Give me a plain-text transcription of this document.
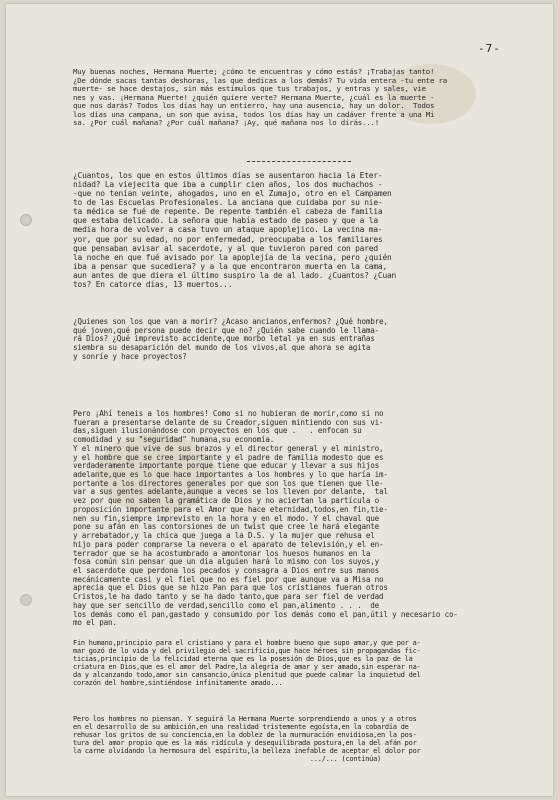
-7-

Muy buenas noches, Hermana Muerte; ¿cómo te encuentras y cómo estás? ¡Trabajas tanto!
¿De dónde sacas tantas deshoras, las que dedicas a los demás? Tu vida entera -tu ente ra
muerte- se hace destajos, sin más estímulos que tus trabajos, y entras y sales, vie
nes y vas. ¡Hermana Muerte! ¿quién quiere verte? Hermana Muerte, ¿cuál es la muerte -
que nos darás? Todos los días hay un entierro, hay una ausencia, hay un dolor.  Todos
los días una campana, un son que avisa, todos los días hay un cadáver frente a una Mi
sa. ¿Por cuál mañana? ¿Por cuál mañana? ¡Ay, qué mañana nos lo dirás...!

¿Cuantos, los que en estos últimos días se ausentaron hacia la Eter-
nidad? La viejecita que iba a cumplir cien años, los dos muchachos -
-que no tenían veinte, ahogados, uno en el Zumajo, otro en el Campamen
to de las Escuelas Profesionales. La anciana que cuidaba por su nie-
ta médica se fué de repente. De repente también el cabeza de familia
que estaba delicado. La señora que había estado de paseo y que a la
media hora de volver a casa tuvo un ataque apoplejico. La vecina ma-
yor, que por su edad, no por enfermedad, preocupaba a los familiares
que pensaban avisar al sacerdote, y al que tuvieron pared con pared
la noche en que fué avisado por la apoplejía de la vecina, pero ¿quién
iba a pensar que sucediera? y a la que encontraron muerta en la cama,
aun antes de que diera el último suspiro la de al lado. ¿Cuantos? ¿Cuan
tos? En catorce días, 13 muertos...

¿Quienes son los que van a morir? ¿Acaso ancianos,enfermos? ¿Qué hombre,
qué joven,qué persona puede decir que no? ¿Quién sabe cuando le llama-
rá Dios? ¿Qué imprevisto accidente,que morbo letal ya en sus entrañas
siembra su desaparición del mundo de los vivos,al que ahora se agita
y sonríe y hace proyectos?

Pero ¡Ahí teneis a los hombres! Como si no hubieran de morir,como si no
fueran a presentarse delante de su Creador,siguen mintiendo con sus vi-
das,siguen ilusionándose con proyectos en los que .   . enfocan su
comodidad y su "seguridad" humana,su economía.
Y el minero que vive de sus brazos y el director general y el ministro,
y el hombre que se cree importante y el padre de familia modesto que es
verdaderamente importante porque tiene que educar y llevar a sus hijos
adelante,que es lo que hace importantes a los hombres y lo que haría im-
portante a los directores generales por que son los que tienen que lle-
var a sus gentes adelante,aunque a veces se los lleven por delante,  tal
vez por que no saben la gramática de Dios y no aciertan la partícula o
proposición importante para el Amor que hace eternidad,todos,en fin,tie-
nen su fin,siempre imprevisto en la hora y en el modo. Y el chaval que
pone su afán en las contorsiones de un twist que cree le hará elegante
y arrebatador,y la chica que juega a la D.S. y la mujer que rehusa el
hijo para poder comprarse la nevera o el aparato de televisión,y el en-
terrador que se ha acostumbrado a amontonar los huesos humanos en la
fosa común sin pensar que un día alguien hará lo mismo con los suyos,y
el sacerdote que perdona los pecados y consagra a Dios entre sus manos
mecánicamente casi y el fiel que no es fiel por que aunque va a Misa no
aprecia que el Dios que se hizo Pan para que los cristianos fueran otros
Cristos,le ha dado tanto y se ha dado tanto,que para ser fiel de verdad
hay que ser sencillo de verdad,sencillo como el pan,alimento . . .  de
los demás como el pan,gastado y consumido por los demás como el pan,útil y necesario co-
mo el pan.

Fin humano,principio para el cristiano y para el hombre bueno que supo amar,y que por a-
mar gozó de lo vida y del privilegio del sacrificio,que hace héroes sin propagandas fic-
ticias,principio de la felicidad eterna que es la posesión de Dios,que es la paz de la
criatura en Dios,que es el amor del Padre,la alegría de amar y ser amado,sin esperar na-
da y alcanzando todo,amor sin cansancio,única plenitud que puede calmar la inquietud del
corazón del hombre,sintiéndose infinitamente amado...

Pero los hombres no piensan. Y seguirá la Hermana Muerte sorprendiendo a unos y a otros
en el desarrollo de su ambición,en una realidad tristemente egoísta,en la cobardía de
rehusar los gritos de su conciencia,en la doblez de la murmuración envidiosa,en la pos-
tura del amor propio que es la más ridícula y desequilibrada postura,en la del afán por
la carne olvidando la hermosura del espíritu,la belleza inefable de aceptar el dolor por
.../... (continúa)
